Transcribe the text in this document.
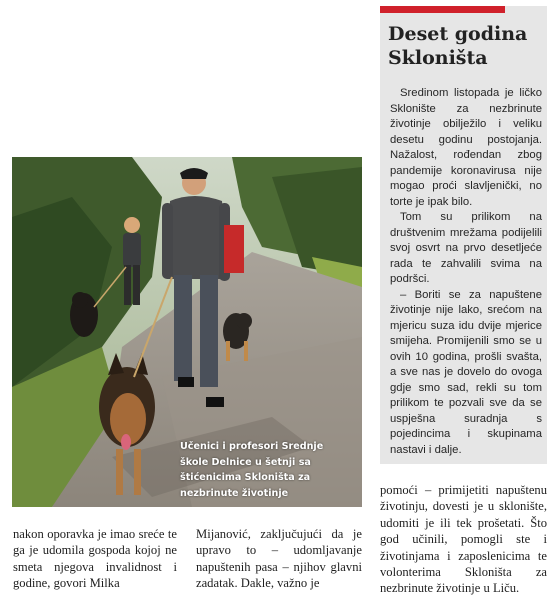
Deset godina Skloništa

Sredinom listopada je ličko Sklonište za nezbrinute životinje obilježilo i veliku desetu godinu postojanja. Nažalost, rođendan zbog pandemije koronavirusa nije mogao proći slavljenički, no torte je ipak bilo.

Tom su prilikom na društvenim mrežama podijelili svoj osvrt na prvo desetljeće rada te zahvalili svima na podršci.

– Boriti se za napuštene životinje nije lako, srećom na mjericu suza idu dvije mjerice smijeha. Promijenili smo se u ovih 10 godina, prošli svašta, a sve nas je dovelo do ovoga gdje smo sad, rekli su tom prilikom te pozvali sve da se uspješna suradnja s pojedincima i skupinama nastavi i dalje.

Učenici i profesori Srednje škole Delnice u šetnji sa štićenicima Skloništa za nezbrinute životinje

nakon oporavka je imao sreće te ga je udomila gospoda kojoj ne smeta njegova invalidnost i godine, govori Milka

Mijanović, zaključujući da je upravo to – udomljavanje napuštenih pasa – njihov glavni zadatak. Dakle, važno je

pomoći – primijetiti napuštenu životinju, dovesti je u sklonište, udomiti je ili tek prošetati. Što god učinili, pomogli ste i životinjama i zaposlenicima te volonterima Skloništa za nezbrinute životinje u Liču.
